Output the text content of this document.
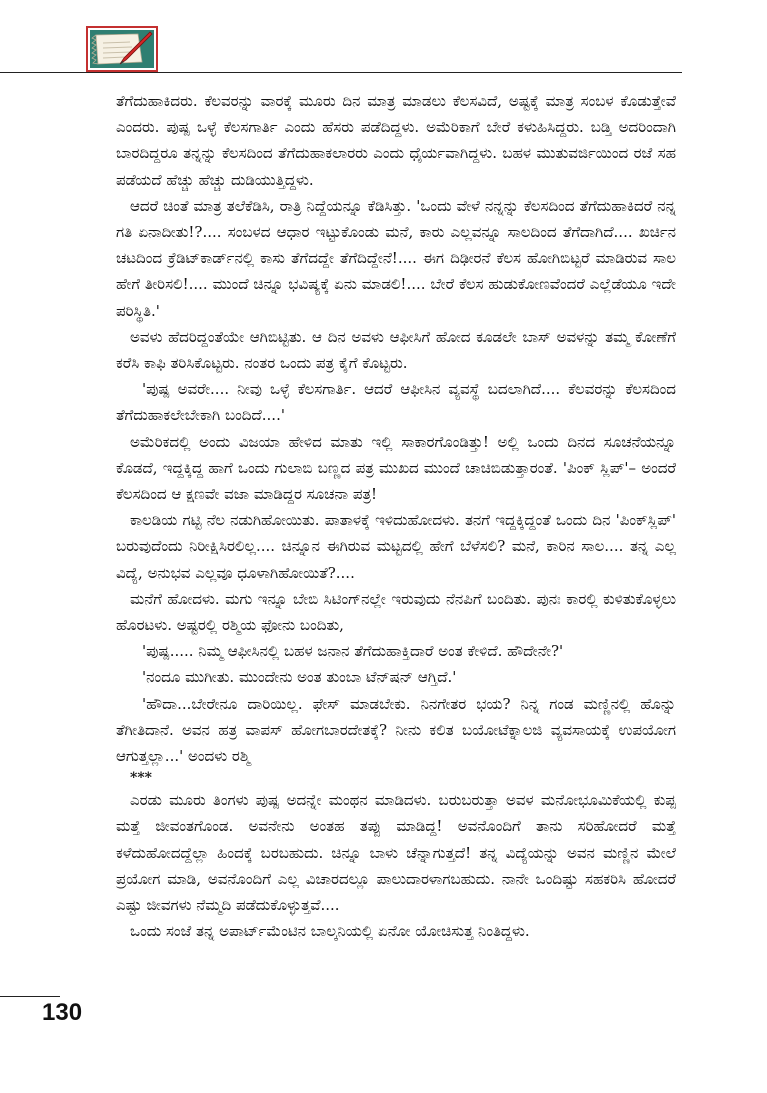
ತೆಗೆದುಹಾಕಿದರು. ಕೆಲವರನ್ನು ವಾರಕ್ಕೆ ಮೂರು ದಿನ ಮಾತ್ರ ಮಾಡಲು ಕೆಲಸವಿದೆ, ಅಷ್ಟಕ್ಕೆ ಮಾತ್ರ ಸಂಬಳ ಕೊಡುತ್ತೇವೆ ಎಂದರು. ಪುಷ್ಪ ಒಳ್ಳೆ ಕೆಲಸಗಾರ್ತಿ ಎಂದು ಹೆಸರು ಪಡೆದಿದ್ದಳು. ಅಮೆರಿಕಾಗೆ ಬೇರೆ ಕಳುಹಿಸಿದ್ದರು. ಬಡ್ತಿ ಅದರಿಂದಾಗಿ ಬಾರದಿದ್ದರೂ ತನ್ನನ್ನು ಕೆಲಸದಿಂದ ತೆಗೆದುಹಾಕಲಾರರು ಎಂದು ಧೈರ್ಯವಾಗಿದ್ದಳು. ಬಹಳ ಮುತುವರ್ಜಿಯಿಂದ ರಜೆ ಸಹ ಪಡೆಯದೆ ಹೆಚ್ಚು ಹೆಚ್ಚು ದುಡಿಯುತ್ತಿದ್ದಳು.

ಆದರೆ ಚಿಂತೆ ಮಾತ್ರ ತಲೆಕೆಡಿಸಿ, ರಾತ್ರಿ ನಿದ್ದೆಯನ್ನೂ ಕೆಡಿಸಿತ್ತು. 'ಒಂದು ವೇಳೆ ನನ್ನನ್ನು ಕೆಲಸದಿಂದ ತೆಗೆದುಹಾಕಿದರೆ ನನ್ನ ಗತಿ ಏನಾದೀತು!?.... ಸಂಬಳದ ಆಧಾರ ಇಟ್ಟುಕೊಂಡು ಮನೆ, ಕಾರು ಎಲ್ಲವನ್ನೂ ಸಾಲದಿಂದ ತೆಗೆದಾಗಿದೆ.... ಖರ್ಚಿನ ಚಟದಿಂದ ಕ್ರೆಡಿಟ್‌ಕಾರ್ಡ್‌ನಲ್ಲಿ ಕಾಸು ತೆಗೆದದ್ದೇ ತೆಗೆದಿದ್ದೇನೆ!.... ಈಗ ದಿಢೀರನೆ ಕೆಲಸ ಹೋಗಿಬಿಟ್ಟರೆ ಮಾಡಿರುವ ಸಾಲ ಹೇಗೆ ತೀರಿಸಲಿ!.... ಮುಂದೆ ಚಿನ್ನೂ ಭವಿಷ್ಯಕ್ಕೆ ಏನು ಮಾಡಲಿ!.... ಬೇರೆ ಕೆಲಸ ಹುಡುಕೋಣವೆಂದರೆ ಎಲ್ಲೆಡೆಯೂ ಇದೇ ಪರಿಸ್ಥಿತಿ.'

ಅವಳು ಹೆದರಿದ್ದಂತೆಯೇ ಆಗಿಬಿಟ್ಟಿತು. ಆ ದಿನ ಅವಳು ಆಫೀಸಿಗೆ ಹೋದ ಕೂಡಲೇ ಬಾಸ್ ಅವಳನ್ನು ತಮ್ಮ ಕೋಣೆಗೆ ಕರೆಸಿ ಕಾಫಿ ತರಿಸಿಕೊಟ್ಟರು. ನಂತರ ಒಂದು ಪತ್ರ ಕೈಗೆ ಕೊಟ್ಟರು.

'ಪುಷ್ಪ ಅವರೇ.... ನೀವು ಒಳ್ಳೆ ಕೆಲಸಗಾರ್ತಿ. ಆದರೆ ಆಫೀಸಿನ ವ್ಯವಸ್ಥೆ ಬದಲಾಗಿದೆ.... ಕೆಲವರನ್ನು ಕೆಲಸದಿಂದ ತೆಗೆದುಹಾಕಲೇಬೇಕಾಗಿ ಬಂದಿದೆ....'

ಅಮೆರಿಕದಲ್ಲಿ ಅಂದು ವಿಜಯಾ ಹೇಳಿದ ಮಾತು ಇಲ್ಲಿ ಸಾಕಾರಗೊಂಡಿತ್ತು! ಅಲ್ಲಿ ಒಂದು ದಿನದ ಸೂಚನೆಯನ್ನೂ ಕೊಡದೆ, ಇದ್ದಕ್ಕಿದ್ದ ಹಾಗೆ ಒಂದು ಗುಲಾಬಿ ಬಣ್ಣದ ಪತ್ರ ಮುಖದ ಮುಂದೆ ಚಾಚಿಬಿಡುತ್ತಾರಂತೆ. 'ಪಿಂಕ್ ಸ್ಲಿಪ್'– ಅಂದರೆ ಕೆಲಸದಿಂದ ಆ ಕ್ಷಣವೇ ವಜಾ ಮಾಡಿದ್ದರ ಸೂಚನಾ ಪತ್ರ!

ಕಾಲಡಿಯ ಗಟ್ಟಿ ನೆಲ ನಡುಗಿಹೋಯಿತು. ಪಾತಾಳಕ್ಕೆ ಇಳಿದುಹೋದಳು. ತನಗೆ ಇದ್ದಕ್ಕಿದ್ದಂತೆ ಒಂದು ದಿನ 'ಪಿಂಕ್‌ಸ್ಲಿಪ್' ಬರುವುದೆಂದು ನಿರೀಕ್ಷಿಸಿರಲಿಲ್ಲ.... ಚಿನ್ನೂನ ಈಗಿರುವ ಮಟ್ಟದಲ್ಲಿ ಹೇಗೆ ಬೆಳೆಸಲಿ? ಮನೆ, ಕಾರಿನ ಸಾಲ.... ತನ್ನ ಎಲ್ಲ ವಿದ್ಯೆ, ಅನುಭವ ಎಲ್ಲವೂ ಧೂಳಾಗಿಹೋಯಿತೆ?....

ಮನೆಗೆ ಹೋದಳು. ಮಗು ಇನ್ನೂ ಬೇಬಿ ಸಿಟಿಂಗ್‌ನಲ್ಲೇ ಇರುವುದು ನೆನಪಿಗೆ ಬಂದಿತು. ಪುನಃ ಕಾರಲ್ಲಿ ಕುಳಿತುಕೊಳ್ಳಲು ಹೊರಟಳು. ಅಷ್ಟರಲ್ಲಿ ರಶ್ಮಿಯ ಫೋನು ಬಂದಿತು,

'ಪುಷ್ಪ..... ನಿಮ್ಮ ಆಫೀಸಿನಲ್ಲಿ ಬಹಳ ಜನಾನ ತೆಗೆದುಹಾಕ್ತಿದಾರೆ ಅಂತ ಕೇಳಿದೆ. ಹೌದೇನೇ?'

'ನಂದೂ ಮುಗೀತು. ಮುಂದೇನು ಅಂತ ತುಂಬಾ ಟೆನ್‌ಷನ್ ಆಗ್ತಿದೆ.'

'ಹೌದಾ...ಬೇರೇನೂ ದಾರಿಯಿಲ್ಲ. ಫೇಸ್ ಮಾಡಬೇಕು. ನಿನಗೇತರ ಭಯ? ನಿನ್ನ ಗಂಡ ಮಣ್ಣಿನಲ್ಲಿ ಹೊನ್ನು ತೆಗೀತಿದಾನೆ. ಅವನ ಹತ್ರ ವಾಪಸ್ ಹೋಗಬಾರದೇತಕ್ಕೆ? ನೀನು ಕಲಿತ ಬಯೋಟೆಕ್ನಾಲಜಿ ವ್ಯವಸಾಯಕ್ಕೆ ಉಪಯೋಗ ಆಗುತ್ತಲ್ಲಾ...' ಅಂದಳು ರಶ್ಮಿ

***

ಎರಡು ಮೂರು ತಿಂಗಳು ಪುಷ್ಪ ಅದನ್ನೇ ಮಂಥನ ಮಾಡಿದಳು. ಬರುಬರುತ್ತಾ ಅವಳ ಮನೋಭೂಮಿಕೆಯಲ್ಲಿ ಕುಪ್ಪ ಮತ್ತೆ ಜೀವಂತಗೊಂಡ. ಅವನೇನು ಅಂತಹ ತಪ್ಪು ಮಾಡಿದ್ದ! ಅವನೊಂದಿಗೆ ತಾನು ಸರಿಹೋದರೆ ಮತ್ತೆ ಕಳೆದುಹೋದದ್ದೆಲ್ಲಾ ಹಿಂದಕ್ಕೆ ಬರಬಹುದು. ಚಿನ್ನೂ ಬಾಳು ಚೆನ್ನಾಗುತ್ತದೆ! ತನ್ನ ವಿದ್ಯೆಯನ್ನು ಅವನ ಮಣ್ಣಿನ ಮೇಲೆ ಪ್ರಯೋಗ ಮಾಡಿ, ಅವನೊಂದಿಗೆ ಎಲ್ಲ ವಿಚಾರದಲ್ಲೂ ಪಾಲುದಾರಳಾಗಬಹುದು. ನಾನೇ ಒಂದಿಷ್ಟು ಸಹಕರಿಸಿ ಹೋದರೆ ಎಷ್ಟು ಜೀವಗಳು ನೆಮ್ಮದಿ ಪಡೆದುಕೊಳ್ಳುತ್ತವೆ....

ಒಂದು ಸಂಜೆ ತನ್ನ ಅಪಾರ್ಟ್‌ಮೆಂಟಿನ ಬಾಲ್ಕನಿಯಲ್ಲಿ ಏನೋ ಯೋಚಿಸುತ್ತ ನಿಂತಿದ್ದಳು.

130
